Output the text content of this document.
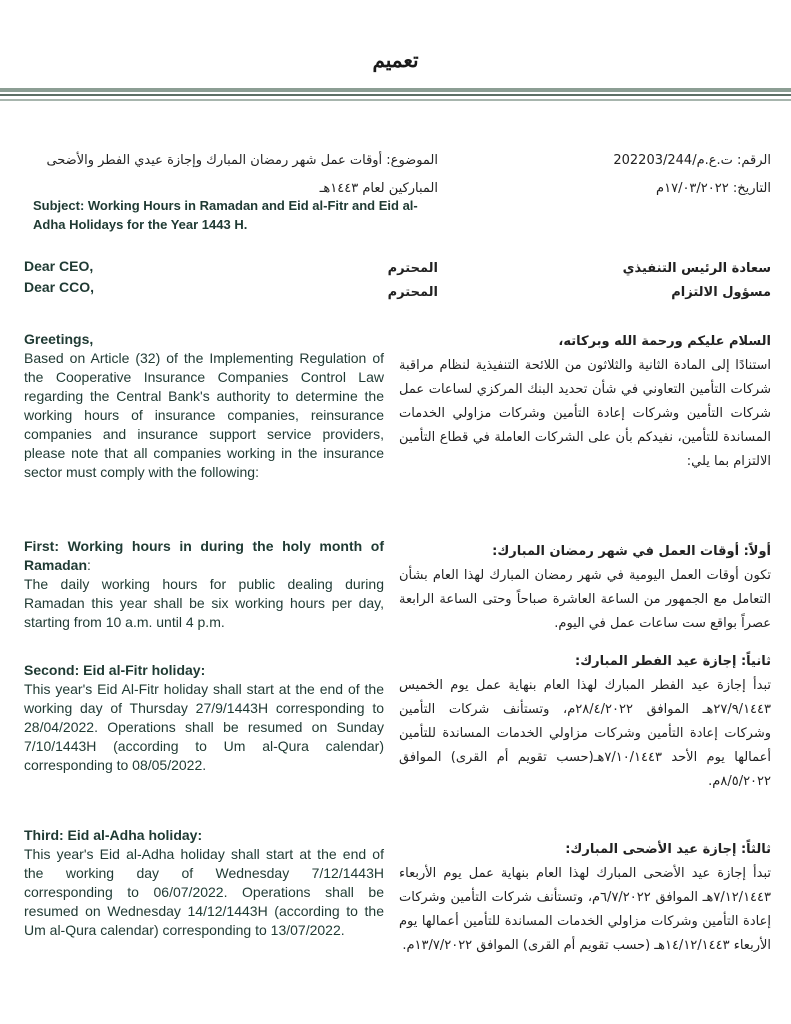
تعميم

الرقم: ت.ع.م/202203/244

التاريخ: ١٧/٠٣/٢٠٢٢م

الموضوع: أوقات عمل شهر رمضان المبارك وإجازة عيدي الفطر والأضحى

المباركين لعام ١٤٤٣هـ

Subject: Working Hours in Ramadan and Eid al-Fitr and Eid al-

Adha Holidays for the Year 1443 H.

Dear CEO,

Dear CCO,

المحترم

المحترم

سعادة الرئيس التنفيذي

مسؤول الالتزام

Greetings,

Based on Article (32) of the Implementing Regulation of the Cooperative Insurance Companies Control Law regarding the Central Bank's authority to determine the working hours of insurance companies, reinsurance companies and insurance support service providers, please note that all companies working in the insurance sector must comply with the following:

السلام عليكم ورحمة الله وبركاته،

استنادًا إلى المادة الثانية والثلاثون من اللائحة التنفيذية لنظام مراقبة شركات التأمين التعاوني في شأن تحديد البنك المركزي لساعات عمل شركات التأمين وشركات إعادة التأمين وشركات مزاولي الخدمات المساندة للتأمين، نفيدكم بأن على الشركات العاملة في قطاع التأمين الالتزام بما يلي:

First: Working hours in during the holy month of Ramadan:

The daily working hours for public dealing during Ramadan this year shall be six working hours per day, starting from 10 a.m. until 4 p.m.

أولاً: أوقات العمل في شهر رمضان المبارك:

تكون أوقات العمل اليومية في شهر رمضان المبارك لهذا العام بشأن التعامل مع الجمهور من الساعة العاشرة صباحاً وحتى الساعة الرابعة عصراً بواقع ست ساعات عمل في اليوم.

Second: Eid al-Fitr holiday:

This year's Eid Al-Fitr holiday shall start at the end of the working day of Thursday 27/9/1443H corresponding to 28/04/2022. Operations shall be resumed on Sunday 7/10/1443H (according to Um al-Qura calendar) corresponding to 08/05/2022.

ثانياً: إجازة عيد الفطر المبارك:

تبدأ إجازة عيد الفطر المبارك لهذا العام بنهاية عمل يوم الخميس ٢٧/٩/١٤٤٣هـ الموافق ٢٨/٤/٢٠٢٢م، وتستأنف شركات التأمين وشركات إعادة التأمين وشركات مزاولي الخدمات المساندة للتأمين أعمالها يوم الأحد ٧/١٠/١٤٤٣هـ(حسب تقويم أم القرى) الموافق ٨/٥/٢٠٢٢م.

Third: Eid al-Adha holiday:

This year's Eid al-Adha holiday shall start at the end of the working day of Wednesday 7/12/1443H corresponding to 06/07/2022. Operations shall be resumed on Wednesday 14/12/1443H (according to the Um al-Qura calendar) corresponding to 13/07/2022.

ثالثاً: إجازة عيد الأضحى المبارك:

تبدأ إجازة عيد الأضحى المبارك لهذا العام بنهاية عمل يوم الأربعاء ٧/١٢/١٤٤٣هـ الموافق ٦/٧/٢٠٢٢م، وتستأنف شركات التأمين وشركات إعادة التأمين وشركات مزاولي الخدمات المساندة للتأمين أعمالها يوم الأربعاء ١٤/١٢/١٤٤٣هـ (حسب تقويم أم القرى) الموافق ١٣/٧/٢٠٢٢م.
